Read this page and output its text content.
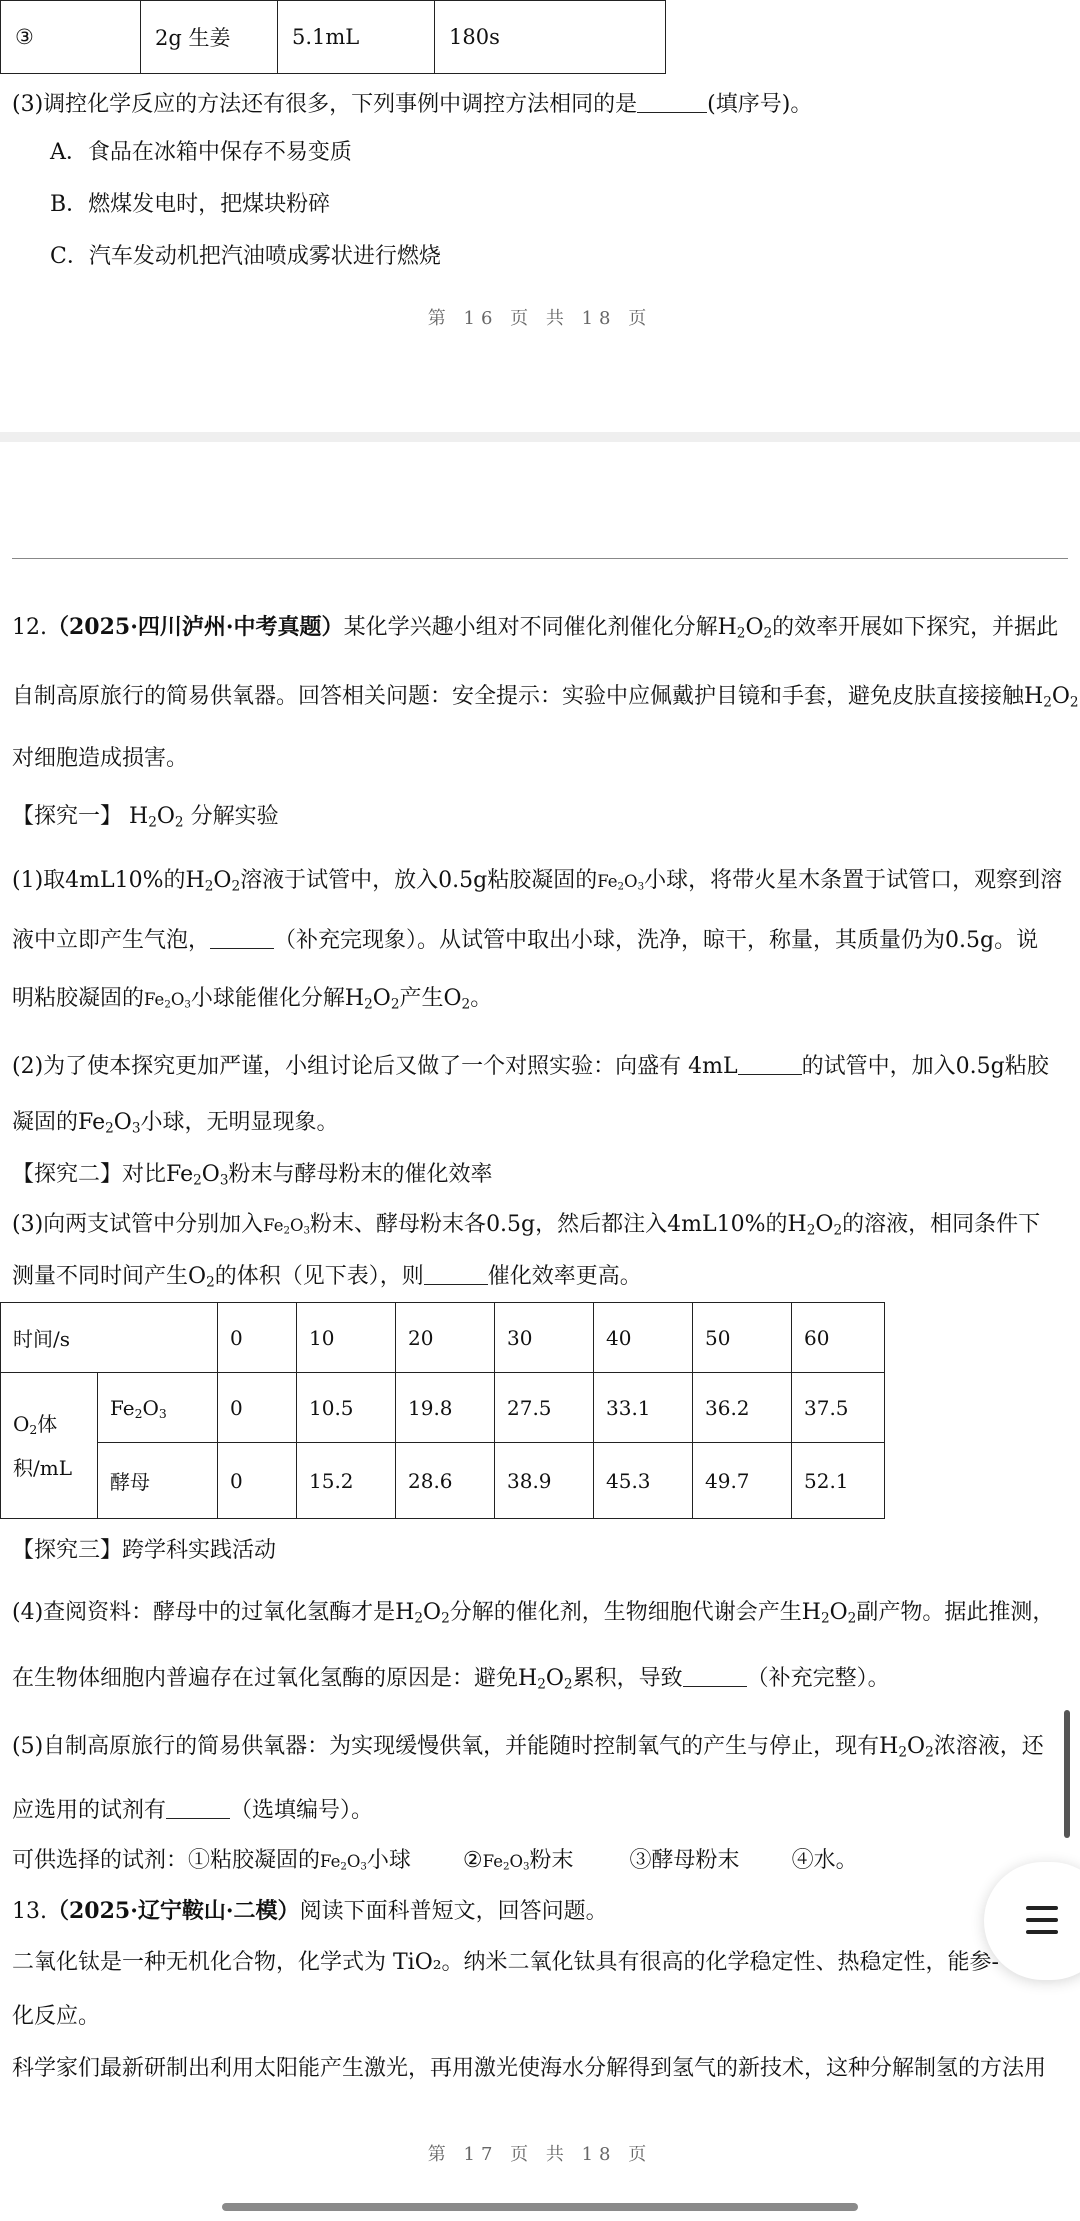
③	2g 生姜	5.1mL	180s
(3)调控化学反应的方法还有很多，下列事例中调控方法相同的是	(填序号)。
A．食品在冰箱中保存不易变质
B．燃煤发电时，把煤块粉碎
C．汽车发动机把汽油喷成雾状进行燃烧
第 16 页 共 18 页
12.（2025·四川泸州·中考真题）某化学兴趣小组对不同催化剂催化分解$H_2O_2$的效率开展如下探究，并据此
自制高原旅行的简易供氧器。回答相关问题：安全提示：实验中应佩戴护目镜和手套，避免皮肤直接接触$H_2O_2$
对细胞造成损害。
【探究一】 $H_2O_2$ 分解实验
(1)取4mL10%的$H_2O_2$溶液于试管中，放入0.5g粘胶凝固的$Fe_2O_3$小球，将带火星木条置于试管口，观察到溶
液中立即产生气泡，	（补充完现象）。从试管中取出小球，洗净，晾干，称量，其质量仍为0.5g。说
明粘胶凝固的$Fe_2O_3$小球能催化分解$H_2O_2$产生$O_2$。
(2)为了使本探究更加严谨，小组讨论后又做了一个对照实验：向盛有 4mL	的试管中，加入0.5g粘胶
凝固的$Fe_2O_3$小球，无明显现象。
【探究二】对比$Fe_2O_3$粉末与酵母粉末的催化效率
(3)向两支试管中分别加入$Fe_2O_3$粉末、酵母粉末各0.5g，然后都注入4mL10%的$H_2O_2$的溶液，相同条件下
测量不同时间产生$O_2$的体积（见下表），则	催化效率更高。
时间/s		0	10	20	30	40	50	60
$O_2$体
积/mL	$Fe_2O_3$	0	10.5	19.8	27.5	33.1	36.2	37.5
	酵母	0	15.2	28.6	38.9	45.3	49.7	52.1
【探究三】跨学科实践活动
(4)查阅资料：酵母中的过氧化氢酶才是$H_2O_2$分解的催化剂，生物细胞代谢会产生$H_2O_2$副产物。据此推测，
在生物体细胞内普遍存在过氧化氢酶的原因是：避免$H_2O_2$累积，导致	（补充完整）。
(5)自制高原旅行的简易供氧器：为实现缓慢供氧，并能随时控制氧气的产生与停止，现有$H_2O_2$浓溶液，还
应选用的试剂有	（选填编号）。
可供选择的试剂：①粘胶凝固的$Fe_2O_3$小球 $②Fe_2O_3$粉末	③酵母粉末 ④水。
13.（2025·辽宁鞍山·二模）阅读下面科普短文，回答问题。
二氧化钛是一种无机化合物，化学式为 TiO₂。纳米二氧化钛具有很高的化学稳定性、热稳定性，能参-
化反应。
科学家们最新研制出利用太阳能产生激光，再用激光使海水分解得到氢气的新技术，这种分解制氢的方法用
第 17 页 共 18 页
